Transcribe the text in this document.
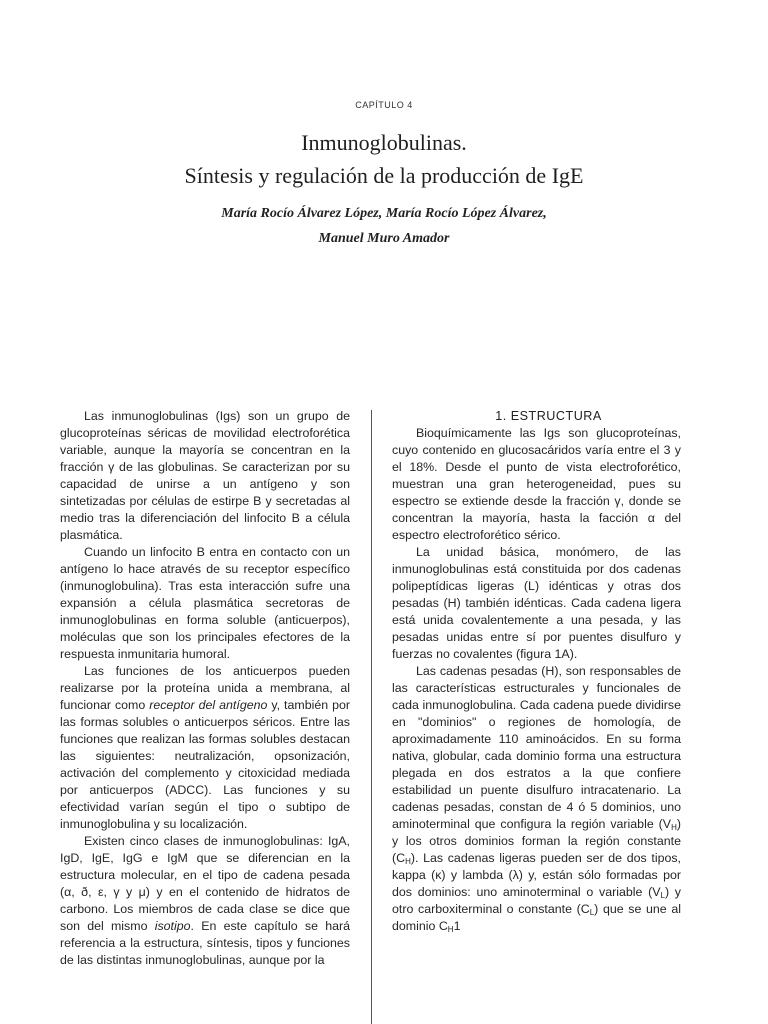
CAPÍTULO 4
Inmunoglobulinas.
Síntesis y regulación de la producción de IgE
María Rocío Álvarez López, María Rocío López Álvarez,
Manuel Muro Amador

Las inmunoglobulinas (Igs) son un grupo de glucoproteínas séricas de movilidad electroforética variable, aunque la mayoría se concentran en la fracción γ de las globulinas. Se caracterizan por su capacidad de unirse a un antígeno y son sintetizadas por células de estirpe B y secretadas al medio tras la diferenciación del linfocito B a célula plasmática.

Cuando un linfocito B entra en contacto con un antígeno lo hace através de su receptor específico (inmunoglobulina). Tras esta interacción sufre una expansión a célula plasmática secretoras de inmunoglobulinas en forma soluble (anticuerpos), moléculas que son los principales efectores de la respuesta inmunitaria humoral.

Las funciones de los anticuerpos pueden realizarse por la proteína unida a membrana, al funcionar como receptor del antígeno y, también por las formas solubles o anticuerpos séricos. Entre las funciones que realizan las formas solubles destacan las siguientes: neutralización, opsonización, activación del complemento y citoxicidad mediada por anticuerpos (ADCC). Las funciones y su efectividad varían según el tipo o subtipo de inmunoglobulina y su localización.

Existen cinco clases de inmunoglobulinas: IgA, IgD, IgE, IgG e IgM que se diferencian en la estructura molecular, en el tipo de cadena pesada (α, ð, ε, γ y μ) y en el contenido de hidratos de carbono. Los miembros de cada clase se dice que son del mismo isotipo. En este capítulo se hará referencia a la estructura, síntesis, tipos y funciones de las distintas inmunoglobulinas, aunque por la

1. ESTRUCTURA

Bioquímicamente las Igs son glucoproteínas, cuyo contenido en glucosacáridos varía entre el 3 y el 18%. Desde el punto de vista electroforético, muestran una gran heterogeneidad, pues su espectro se extiende desde la fracción γ, donde se concentran la mayoría, hasta la facción α del espectro electroforético sérico.

La unidad básica, monómero, de las inmunoglobulinas está constituida por dos cadenas polipeptídicas ligeras (L) idénticas y otras dos pesadas (H) también idénticas. Cada cadena ligera está unida covalentemente a una pesada, y las pesadas unidas entre sí por puentes disulfuro y fuerzas no covalentes (figura 1A).

Las cadenas pesadas (H), son responsables de las características estructurales y funcionales de cada inmunoglobulina. Cada cadena puede dividirse en "dominios" o regiones de homología, de aproximadamente 110 aminoácidos. En su forma nativa, globular, cada dominio forma una estructura plegada en dos estratos a la que confiere estabilidad un puente disulfuro intracatenario. La cadenas pesadas, constan de 4 ó 5 dominios, uno aminoterminal que configura la región variable $(V_H)$ y los otros dominios forman la región constante $(C_H)$. Las cadenas ligeras pueden ser de dos tipos, kappa (κ) y lambda (λ) y, están sólo formadas por dos dominios: uno aminoterminal o variable $(V_L)$ y otro carboxiterminal o constante $(C_L)$ que se une al dominio $C_H1$
